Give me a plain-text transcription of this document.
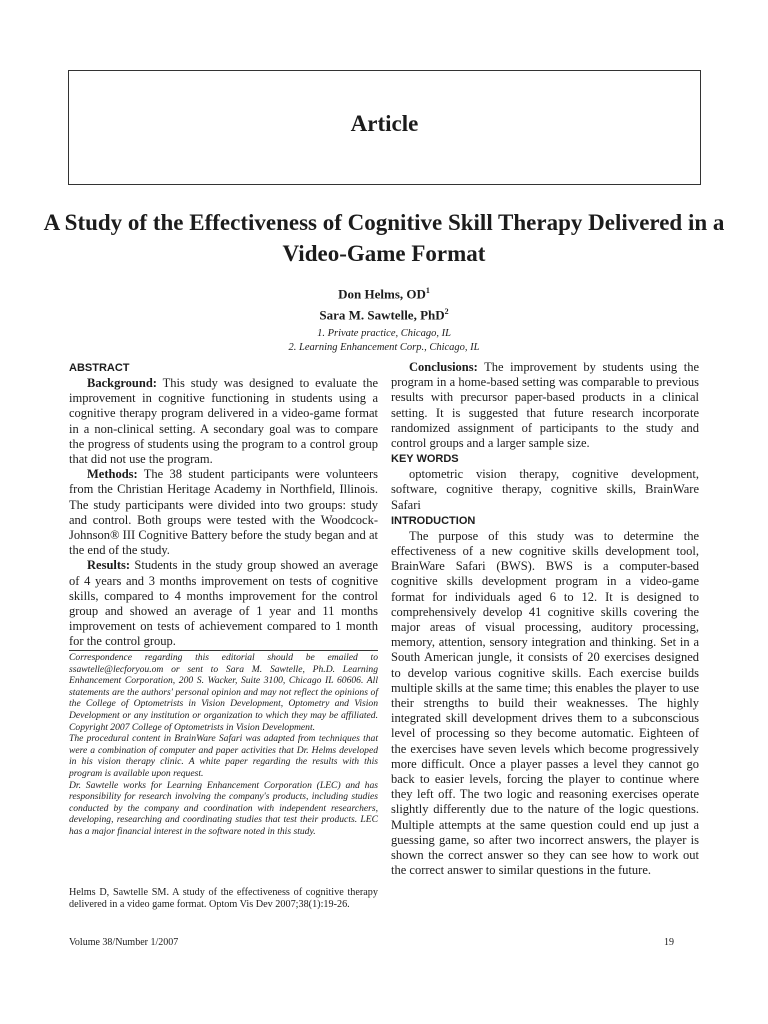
Article
A Study of the Effectiveness of Cognitive Skill Therapy Delivered in a Video-Game Format
Don Helms, $OD^1$
Sara M. Sawtelle, PhD$^2$
1. Private practice, Chicago, IL
2. Learning Enhancement Corp., Chicago, IL
ABSTRACT

Background: This study was designed to evaluate the improvement in cognitive functioning in students using a cognitive therapy program delivered in a video-game format in a non-clinical setting. A secondary goal was to compare the progress of students using the program to a control group that did not use the program.

Methods: The 38 student participants were volunteers from the Christian Heritage Academy in Northfield, Illinois. The study participants were divided into two groups: study and control. Both groups were tested with the Woodcock-Johnson® III Cognitive Battery before the study began and at the end of the study.

Results: Students in the study group showed an average of 4 years and 3 months improvement on tests of cognitive skills, compared to 4 months improvement for the control group and showed an average of 1 year and 11 months improvement on tests of achievement compared to 1 month for the control group.

Correspondence regarding this editorial should be emailed to ssawtelle@lecforyou.om or sent to Sara M. Sawtelle, Ph.D. Learning Enhancement Corporation, 200 S. Wacker, Suite 3100, Chicago IL 60606. All statements are the authors' personal opinion and may not reflect the opinions of the College of Optometrists in Vision Development, Optometry and Vision Development or any institution or organization to which they may be affiliated. Copyright 2007 College of Optometrists in Vision Development.

The procedural content in BrainWare Safari was adapted from techniques that were a combination of computer and paper activities that Dr. Helms developed in his vision therapy clinic. A white paper regarding the results with this program is available upon request.

Dr. Sawtelle works for Learning Enhancement Corporation (LEC) and has responsibility for research involving the company's products, including studies conducted by the company and coordination with independent researchers, developing, researching and coordinating studies that test their products. LEC has a major financial interest in the software noted in this study.

Helms D, Sawtelle SM. A study of the effectiveness of cognitive therapy delivered in a video game format. Optom Vis Dev 2007;38(1):19-26.

Conclusions: The improvement by students using the program in a home-based setting was comparable to previous results with precursor paper-based products in a clinical setting. It is suggested that future research incorporate randomized assignment of participants to the study and control groups and a larger sample size.

KEY WORDS

optometric vision therapy, cognitive development, software, cognitive therapy, cognitive skills, BrainWare Safari

INTRODUCTION

The purpose of this study was to determine the effectiveness of a new cognitive skills development tool, BrainWare Safari (BWS). BWS is a computer-based cognitive skills development program in a video-game format for individuals aged 6 to 12. It is designed to comprehensively develop 41 cognitive skills covering the major areas of visual processing, auditory processing, memory, attention, sensory integration and thinking. Set in a South American jungle, it consists of 20 exercises designed to develop various cognitive skills. Each exercise builds multiple skills at the same time; this enables the player to use their strengths to build their weaknesses. The highly integrated skill development drives them to a subconscious level of processing so they become automatic. Eighteen of the exercises have seven levels which become progressively more difficult. Once a player passes a level they cannot go back to easier levels, forcing the player to continue where they left off. The two logic and reasoning exercises operate slightly differently due to the nature of the logic questions. Multiple attempts at the same question could end up just a guessing game, so after two incorrect answers, the player is shown the correct answer so they can see how to work out the correct answer to similar questions in the future.

Volume 38/Number 1/2007	19
